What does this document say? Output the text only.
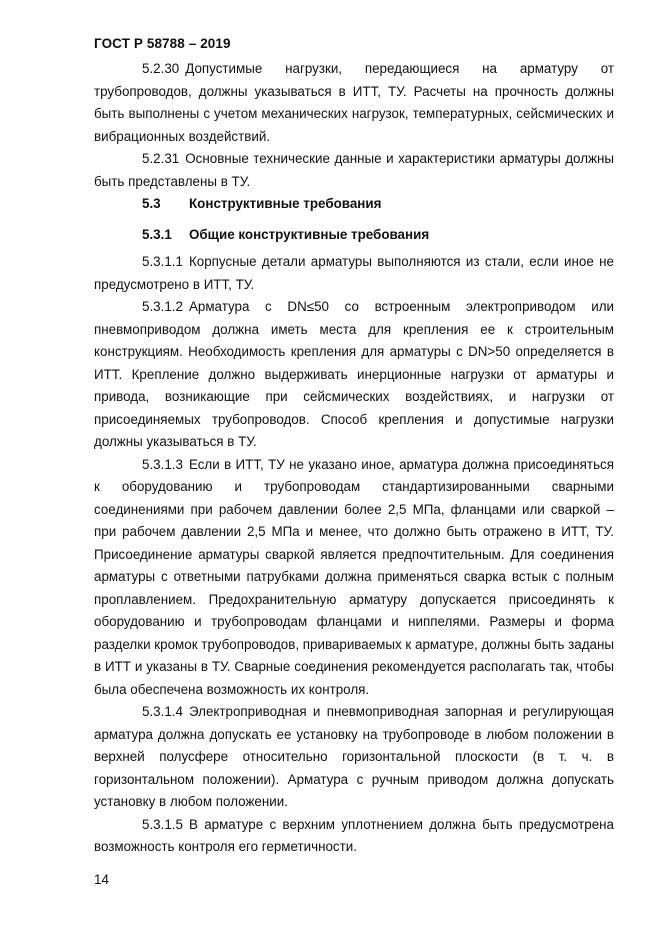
ГОСТ Р 58788 – 2019

5.2.30 Допустимые нагрузки, передающиеся на арматуру от трубопроводов, должны указываться в ИТТ, ТУ. Расчеты на прочность должны быть выполнены с учетом механических нагрузок, температурных, сейсмических и вибрационных воздействий.

5.2.31 Основные технические данные и характеристики арматуры должны быть представлены в ТУ.

5.3 Конструктивные требования

5.3.1 Общие конструктивные требования

5.3.1.1 Корпусные детали арматуры выполняются из стали, если иное не предусмотрено в ИТТ, ТУ.

5.3.1.2 Арматура с DN≤50 со встроенным электроприводом или пневмоприводом должна иметь места для крепления ее к строительным конструкциям. Необходимость крепления для арматуры с DN>50 определяется в ИТТ. Крепление должно выдерживать инерционные нагрузки от арматуры и привода, возникающие при сейсмических воздействиях, и нагрузки от присоединяемых трубопроводов. Способ крепления и допустимые нагрузки должны указываться в ТУ.

5.3.1.3 Если в ИТТ, ТУ не указано иное, арматура должна присоединяться к оборудованию и трубопроводам стандартизированными сварными соединениями при рабочем давлении более 2,5 МПа, фланцами или сваркой – при рабочем давлении 2,5 МПа и менее, что должно быть отражено в ИТТ, ТУ. Присоединение арматуры сваркой является предпочтительным. Для соединения арматуры с ответными патрубками должна применяться сварка встык с полным проплавлением. Предохранительную арматуру допускается присоединять к оборудованию и трубопроводам фланцами и ниппелями. Размеры и форма разделки кромок трубопроводов, привариваемых к арматуре, должны быть заданы в ИТТ и указаны в ТУ. Сварные соединения рекомендуется располагать так, чтобы была обеспечена возможность их контроля.

5.3.1.4 Электроприводная и пневмоприводная запорная и регулирующая арматура должна допускать ее установку на трубопроводе в любом положении в верхней полусфере относительно горизонтальной плоскости (в т. ч. в горизонтальном положении). Арматура с ручным приводом должна допускать установку в любом положении.

5.3.1.5 В арматуре с верхним уплотнением должна быть предусмотрена возможность контроля его герметичности.

14
